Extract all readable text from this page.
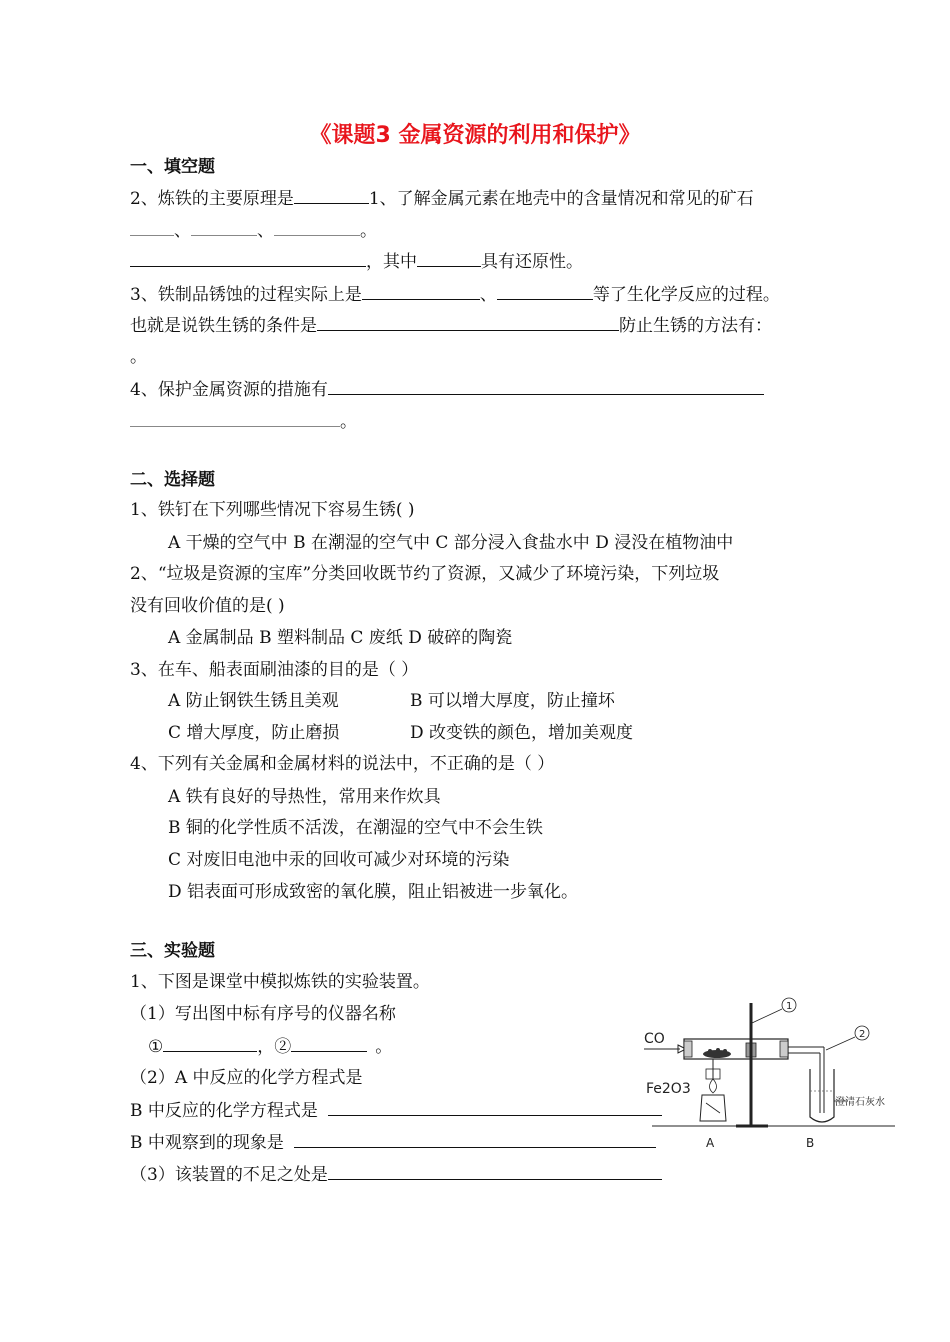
《课题3 金属资源的利用和保护》
一、填空题
2、炼铁的主要原理是	1、了解金属元素在地壳中的含量情况和常见的矿石
、	、	。
，其中	具有还原性。
3、铁制品锈蚀的过程实际上是	、	等了生化学反应的过程。
也就是说铁生锈的条件是	防止生锈的方法有：
。
4、保护金属资源的措施有
。
二、选择题
1、铁钉在下列哪些情况下容易生锈( )
A 干燥的空气中 B 在潮湿的空气中 C 部分浸入食盐水中 D 浸没在植物油中
2、“垃圾是资源的宝库”分类回收既节约了资源，又减少了环境污染，下列垃圾
没有回收价值的是( )
A 金属制品 B 塑料制品 C 废纸 D 破碎的陶瓷
3、在车、船表面刷油漆的目的是（ ）
A 防止钢铁生锈且美观	B 可以增大厚度，防止撞坏
C 增大厚度，防止磨损	D 改变铁的颜色，增加美观度
4、下列有关金属和金属材料的说法中，不正确的是（ ）
A 铁有良好的导热性，常用来作炊具
B 铜的化学性质不活泼，在潮湿的空气中不会生铁
C 对废旧电池中汞的回收可减少对环境的污染
D 铝表面可形成致密的氧化膜，阻止铝被进一步氧化。
三、实验题
1、下图是课堂中模拟炼铁的实验装置。
（1）写出图中标有序号的仪器名称
①	，②	。
（2）A 中反应的化学方程式是
B 中反应的化学方程式是
B 中观察到的现象是
（3）该装置的不足之处是
CO
1
2
澄清石灰水
Fe2O3
A	B
